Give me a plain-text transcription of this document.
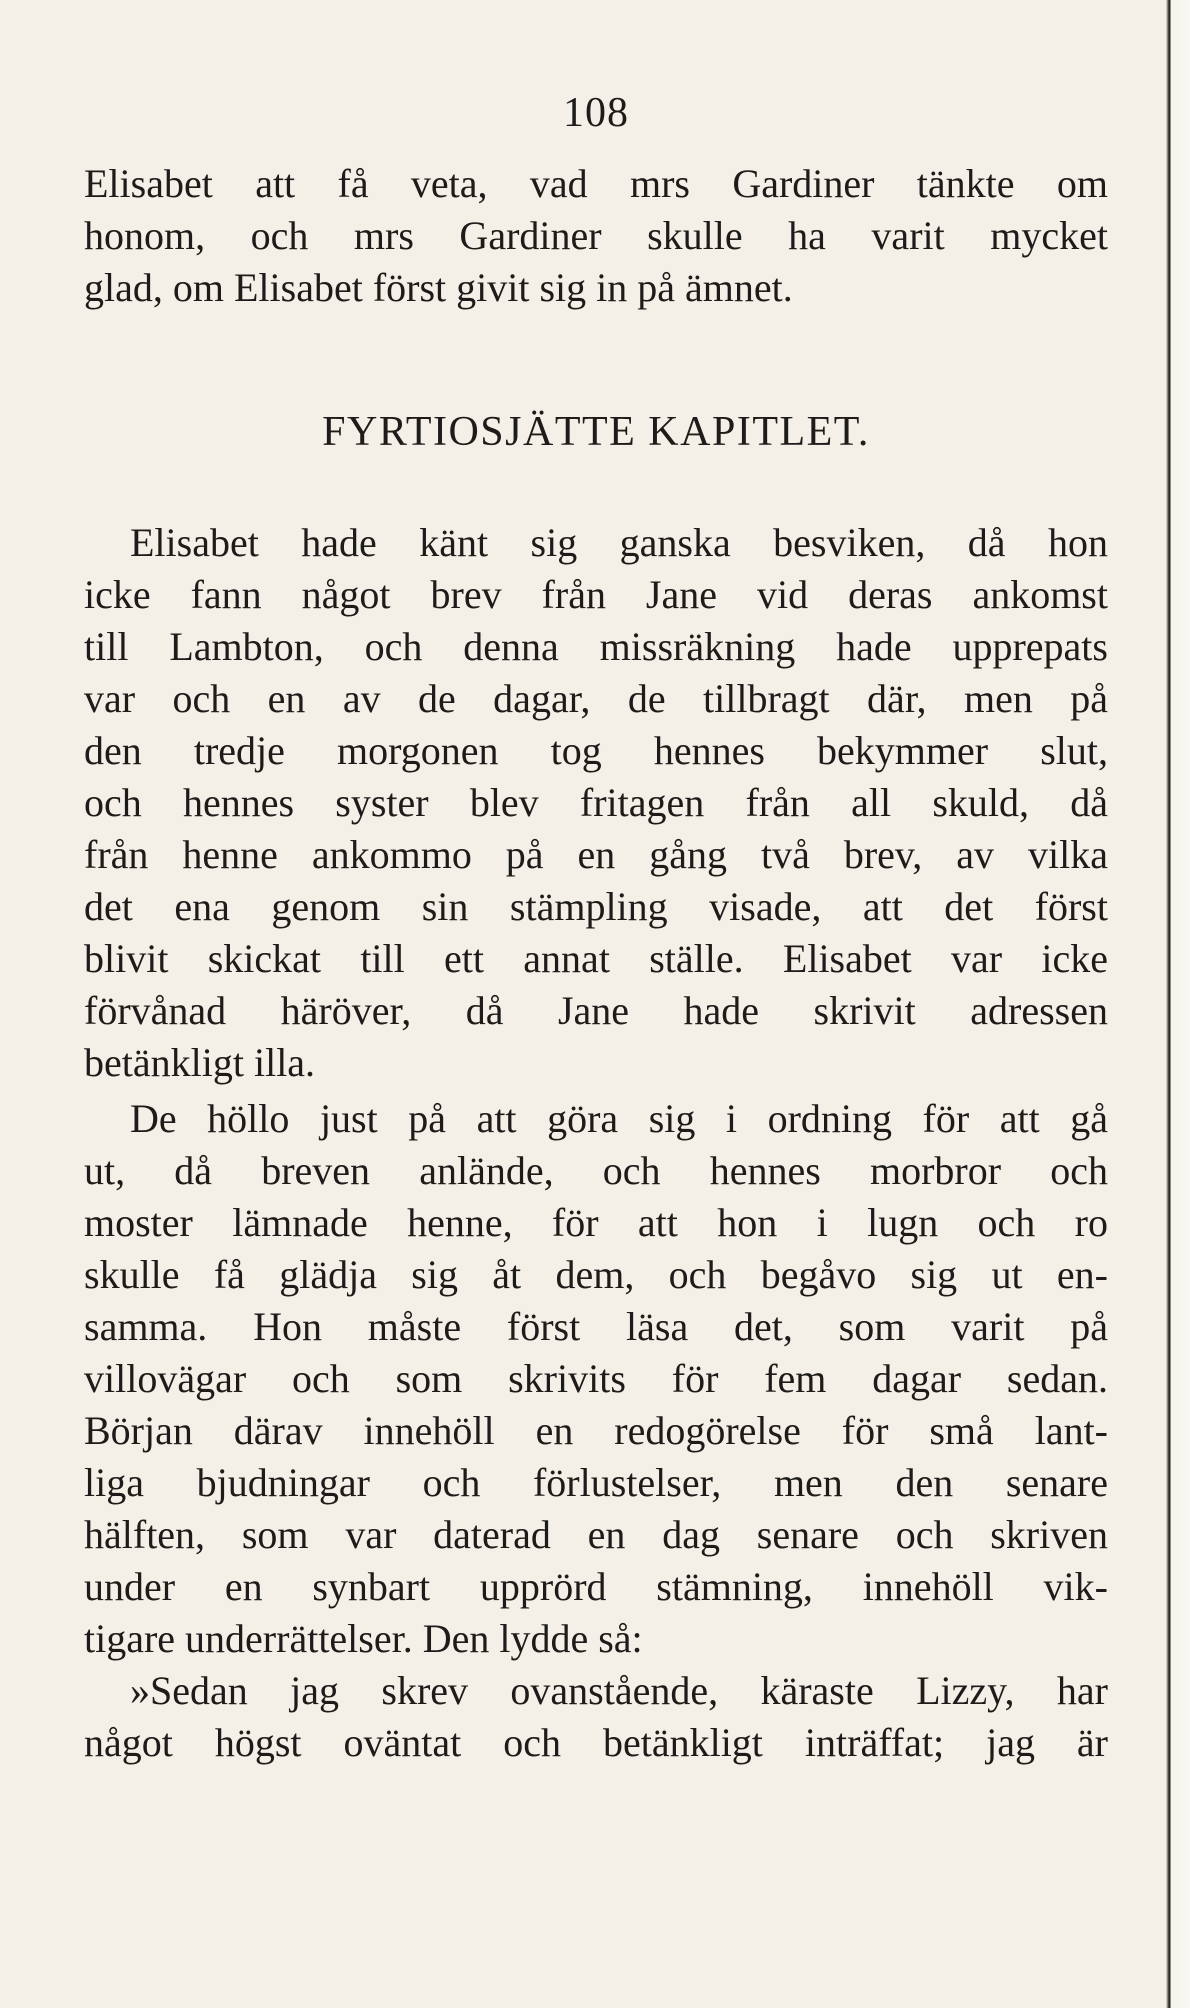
108
Elisabet att få veta, vad mrs Gardiner tänkte om
honom, och mrs Gardiner skulle ha varit mycket
glad, om Elisabet först givit sig in på ämnet.
FYRTIOSJÄTTE KAPITLET.
Elisabet hade känt sig ganska besviken, då hon
icke fann något brev från Jane vid deras ankomst
till Lambton, och denna missräkning hade upprepats
var och en av de dagar, de tillbragt där, men på
den tredje morgonen tog hennes bekymmer slut,
och hennes syster blev fritagen från all skuld, då
från henne ankommo på en gång två brev, av vilka
det ena genom sin stämpling visade, att det först
blivit skickat till ett annat ställe. Elisabet var icke
förvånad häröver, då Jane hade skrivit adressen
betänkligt illa.
De höllo just på att göra sig i ordning för att gå
ut, då breven anlände, och hennes morbror och
moster lämnade henne, för att hon i lugn och ro
skulle få glädja sig åt dem, och begåvo sig ut en-
samma. Hon måste först läsa det, som varit på
villovägar och som skrivits för fem dagar sedan.
Början därav innehöll en redogörelse för små lant-
liga bjudningar och förlustelser, men den senare
hälften, som var daterad en dag senare och skriven
under en synbart upprörd stämning, innehöll vik-
tigare underrättelser. Den lydde så:
»Sedan jag skrev ovanstående, käraste Lizzy, har
något högst oväntat och betänkligt inträffat; jag är
